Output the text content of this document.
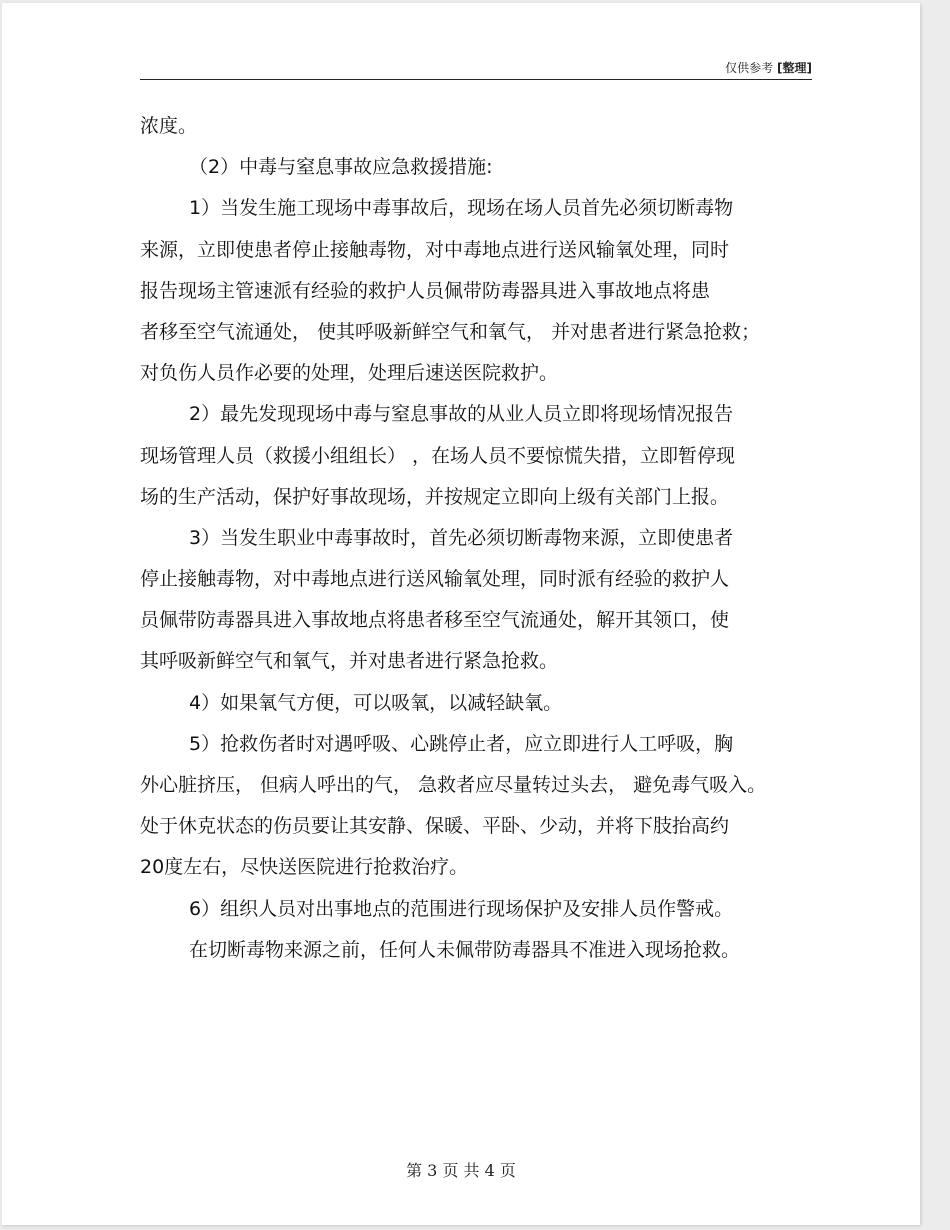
仅供参考 [整理]
浓度。
（2）中毒与窒息事故应急救援措施:
1）当发生施工现场中毒事故后，现场在场人员首先必须切断毒物
来源，立即使患者停止接触毒物，对中毒地点进行送风输氧处理，同时
报告现场主管速派有经验的救护人员佩带防毒器具进入事故地点将患
者移至空气流通处， 使其呼吸新鲜空气和氧气， 并对患者进行紧急抢救；
对负伤人员作必要的处理，处理后速送医院救护。
2）最先发现现场中毒与窒息事故的从业人员立即将现场情况报告
现场管理人员（救援小组组长） ，在场人员不要惊慌失措，立即暂停现
场的生产活动，保护好事故现场，并按规定立即向上级有关部门上报。
3）当发生职业中毒事故时，首先必须切断毒物来源，立即使患者
停止接触毒物，对中毒地点进行送风输氧处理，同时派有经验的救护人
员佩带防毒器具进入事故地点将患者移至空气流通处，解开其领口，使
其呼吸新鲜空气和氧气，并对患者进行紧急抢救。
4）如果氧气方便，可以吸氧，以减轻缺氧。
5）抢救伤者时对遇呼吸、心跳停止者，应立即进行人工呼吸，胸
外心脏挤压， 但病人呼出的气， 急救者应尽量转过头去， 避免毒气吸入。
处于休克状态的伤员要让其安静、保暖、平卧、少动，并将下肢抬高约
20度左右，尽快送医院进行抢救治疗。
6）组织人员对出事地点的范围进行现场保护及安排人员作警戒。
在切断毒物来源之前，任何人未佩带防毒器具不准进入现场抢救。
第 3 页 共 4 页
